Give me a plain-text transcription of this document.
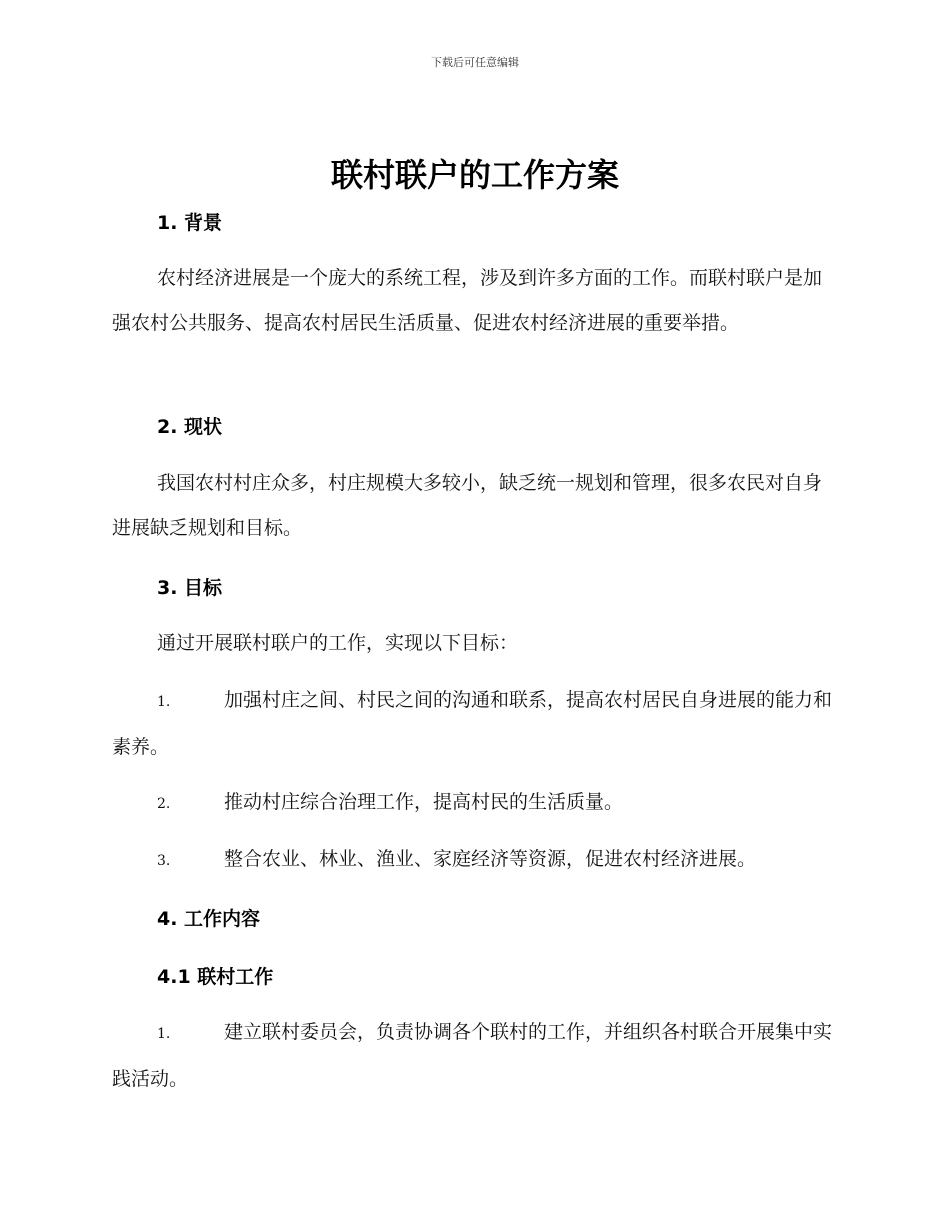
下载后可任意编辑
联村联户的工作方案
1. 背景
农村经济进展是一个庞大的系统工程，涉及到许多方面的工作。而联村联户是加强农村公共服务、提高农村居民生活质量、促进农村经济进展的重要举措。
2. 现状
我国农村村庄众多，村庄规模大多较小，缺乏统一规划和管理，很多农民对自身进展缺乏规划和目标。
3. 目标
通过开展联村联户的工作，实现以下目标：
1.	加强村庄之间、村民之间的沟通和联系，提高农村居民自身进展的能力和素养。
2.	推动村庄综合治理工作，提高村民的生活质量。
3.	整合农业、林业、渔业、家庭经济等资源，促进农村经济进展。
4. 工作内容
4.1 联村工作
1.	建立联村委员会，负责协调各个联村的工作，并组织各村联合开展集中实践活动。
